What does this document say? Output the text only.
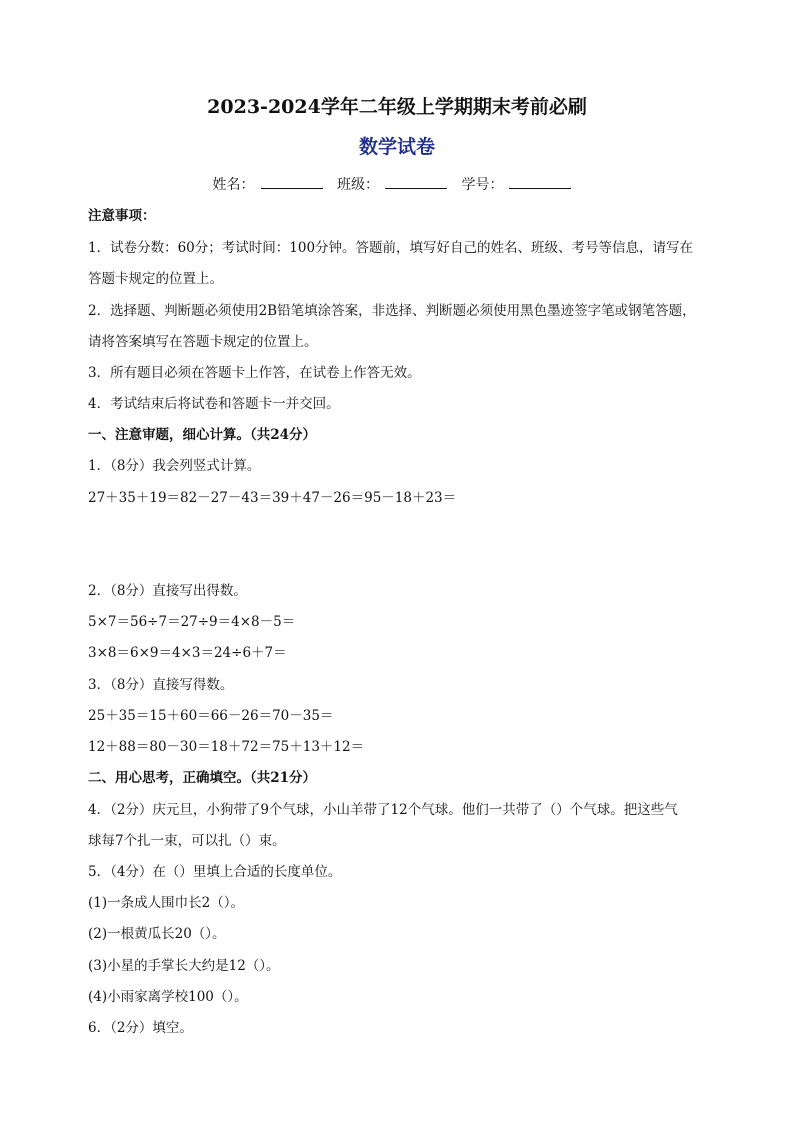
2023-2024学年二年级上学期期末考前必刷
数学试卷
姓名：	班级：	学号：
注意事项：
1．试卷分数：60分；考试时间：100分钟。答题前，填写好自己的姓名、班级、考号等信息，请写在
答题卡规定的位置上。
2．选择题、判断题必须使用2B铅笔填涂答案，非选择、判断题必须使用黑色墨迹签字笔或钢笔答题，
请将答案填写在答题卡规定的位置上。
3．所有题目必须在答题卡上作答，在试卷上作答无效。
4．考试结束后将试卷和答题卡一并交回。
一、注意审题，细心计算。（共24分）
1．（8分）我会列竖式计算。
27＋35＋19＝82－27－43＝39＋47－26＝95－18＋23＝
2．（8分）直接写出得数。
5×7＝56÷7＝27÷9＝4×8－5＝
3×8＝6×9＝4×3＝24÷6＋7＝
3．（8分）直接写得数。
25＋35＝15＋60＝66－26＝70－35＝
12＋88＝80－30＝18＋72＝75＋13＋12＝
二、用心思考，正确填空。（共21分）
4．（2分）庆元旦，小狗带了9个气球，小山羊带了12个气球。他们一共带了（）个气球。把这些气
球每7个扎一束，可以扎（）束。
5．（4分）在（）里填上合适的长度单位。
(1)一条成人围巾长2（）。
(2)一根黄瓜长20（）。
(3)小星的手掌长大约是12（）。
(4)小雨家离学校100（）。
6．（2分）填空。
